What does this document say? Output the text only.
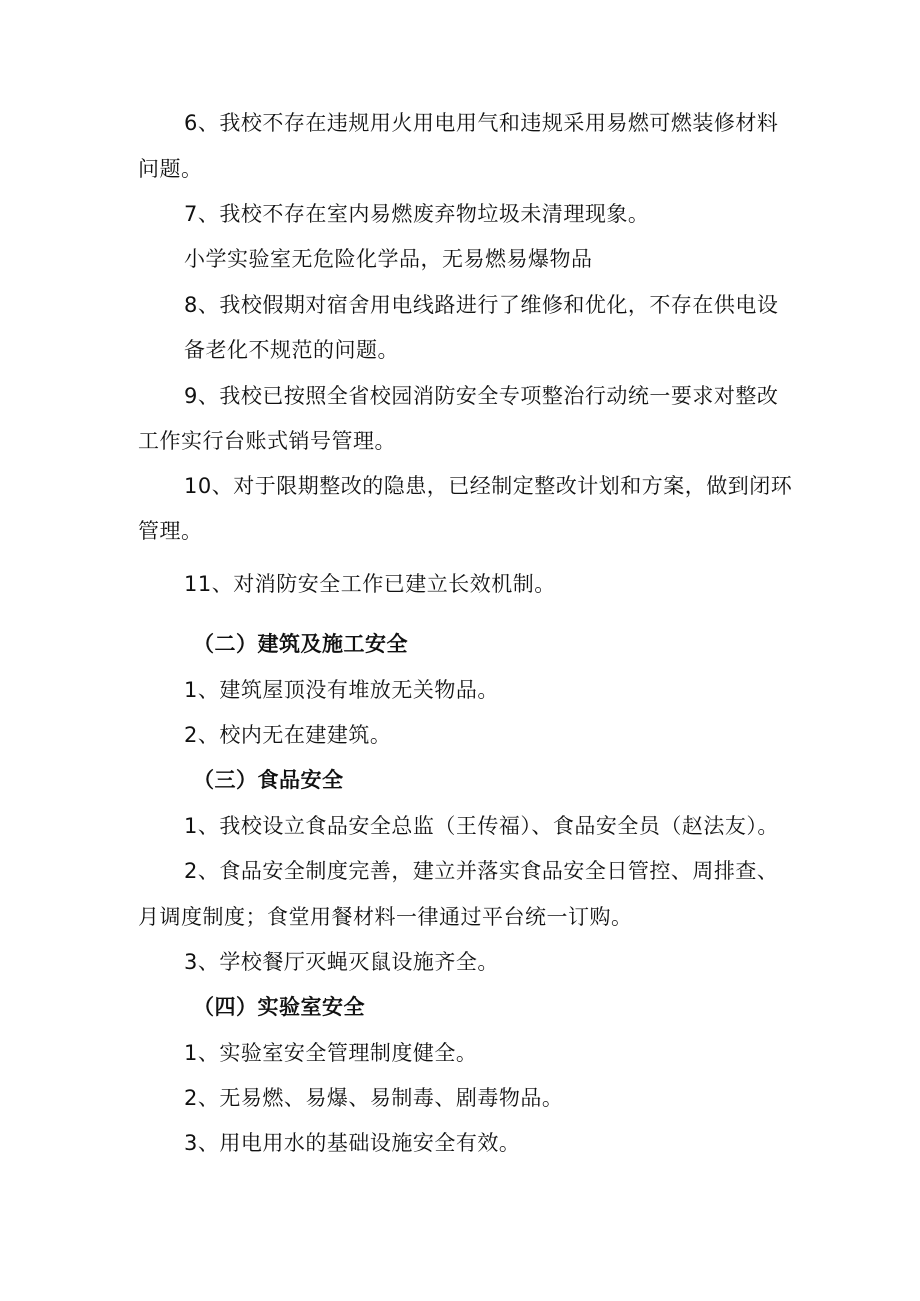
6、我校不存在违规用火用电用气和违规采用易燃可燃装修材料
问题。
7、我校不存在室内易燃废弃物垃圾未清理现象。
小学实验室无危险化学品，无易燃易爆物品
8、我校假期对宿舍用电线路进行了维修和优化，不存在供电设
备老化不规范的问题。
9、我校已按照全省校园消防安全专项整治行动统一要求对整改
工作实行台账式销号管理。
10、对于限期整改的隐患，已经制定整改计划和方案，做到闭环
管理。
11、对消防安全工作已建立长效机制。
（二）建筑及施工安全
1、建筑屋顶没有堆放无关物品。
2、校内无在建建筑。
（三）食品安全
1、我校设立食品安全总监（王传福）、食品安全员（赵法友）。
2、食品安全制度完善，建立并落实食品安全日管控、周排查、
月调度制度；食堂用餐材料一律通过平台统一订购。
3、学校餐厅灭蝇灭鼠设施齐全。
（四）实验室安全
1、实验室安全管理制度健全。
2、无易燃、易爆、易制毒、剧毒物品。
3、用电用水的基础设施安全有效。
